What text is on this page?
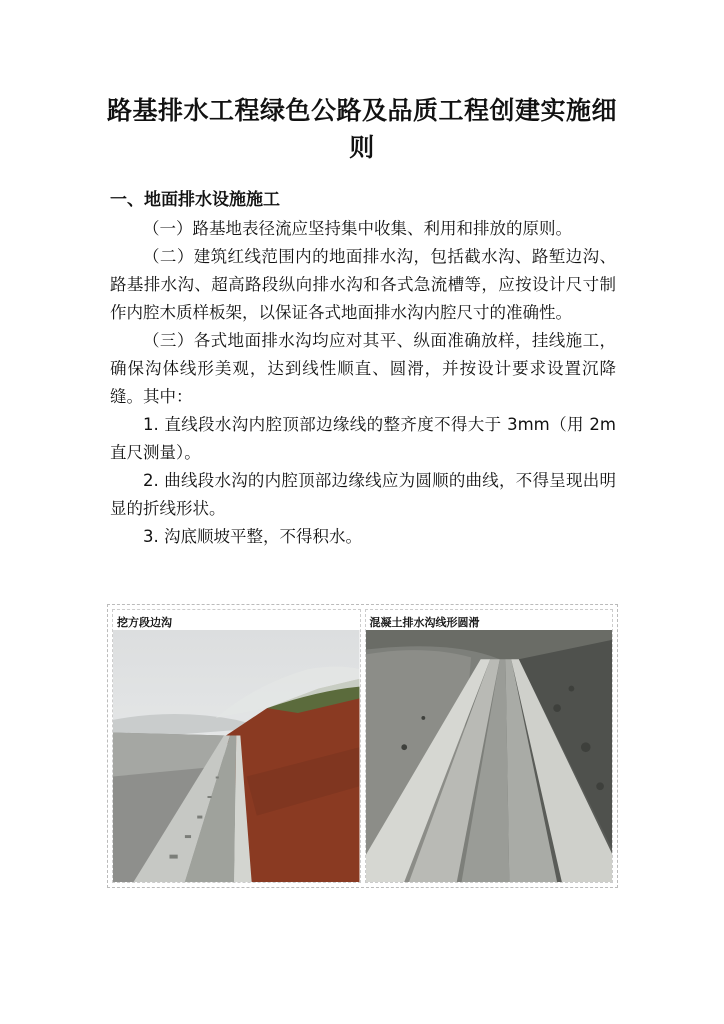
路基排水工程绿色公路及品质工程创建实施细则
一、地面排水设施施工

（一）路基地表径流应坚持集中收集、利用和排放的原则。

（二）建筑红线范围内的地面排水沟，包括截水沟、路堑边沟、路基排水沟、超高路段纵向排水沟和各式急流槽等，应按设计尺寸制作内腔木质样板架，以保证各式地面排水沟内腔尺寸的准确性。

（三）各式地面排水沟均应对其平、纵面准确放样，挂线施工，确保沟体线形美观，达到线性顺直、圆滑，并按设计要求设置沉降缝。其中：

1. 直线段水沟内腔顶部边缘线的整齐度不得大于 3mm（用 2m 直尺测量）。

2. 曲线段水沟的内腔顶部边缘线应为圆顺的曲线，不得呈现出明显的折线形状。

3. 沟底顺坡平整，不得积水。

挖方段边沟	混凝土排水沟线形圆滑
